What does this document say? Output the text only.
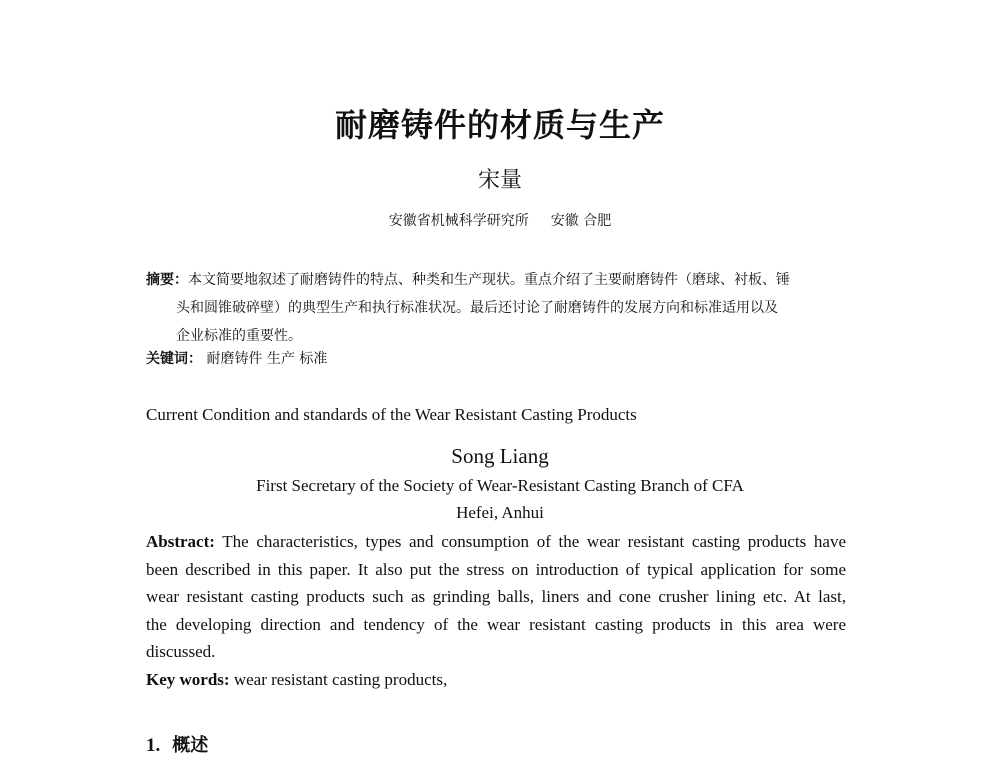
耐磨铸件的材质与生产
宋量
安徽省机械科学研究所 安徽 合肥
摘要：本文简要地叙述了耐磨铸件的特点、种类和生产现状。重点介绍了主要耐磨铸件（磨球、衬板、锤
头和圆锥破碎壁）的典型生产和执行标准状况。最后还讨论了耐磨铸件的发展方向和标准适用以及
企业标准的重要性。
关键词： 耐磨铸件 生产 标准
Current Condition and standards of the Wear Resistant Casting Products
Song Liang
First Secretary of the Society of Wear-Resistant Casting Branch of CFA
Hefei, Anhui
Abstract: The characteristics, types and consumption of the wear resistant casting products have
been described in this paper. It also put the stress on introduction of typical application for some
wear resistant casting products such as grinding balls, liners and cone crusher lining etc. At last,
the developing direction and tendency of the wear resistant casting products in this area were
discussed.
Key words: wear resistant casting products,
1. 概述
